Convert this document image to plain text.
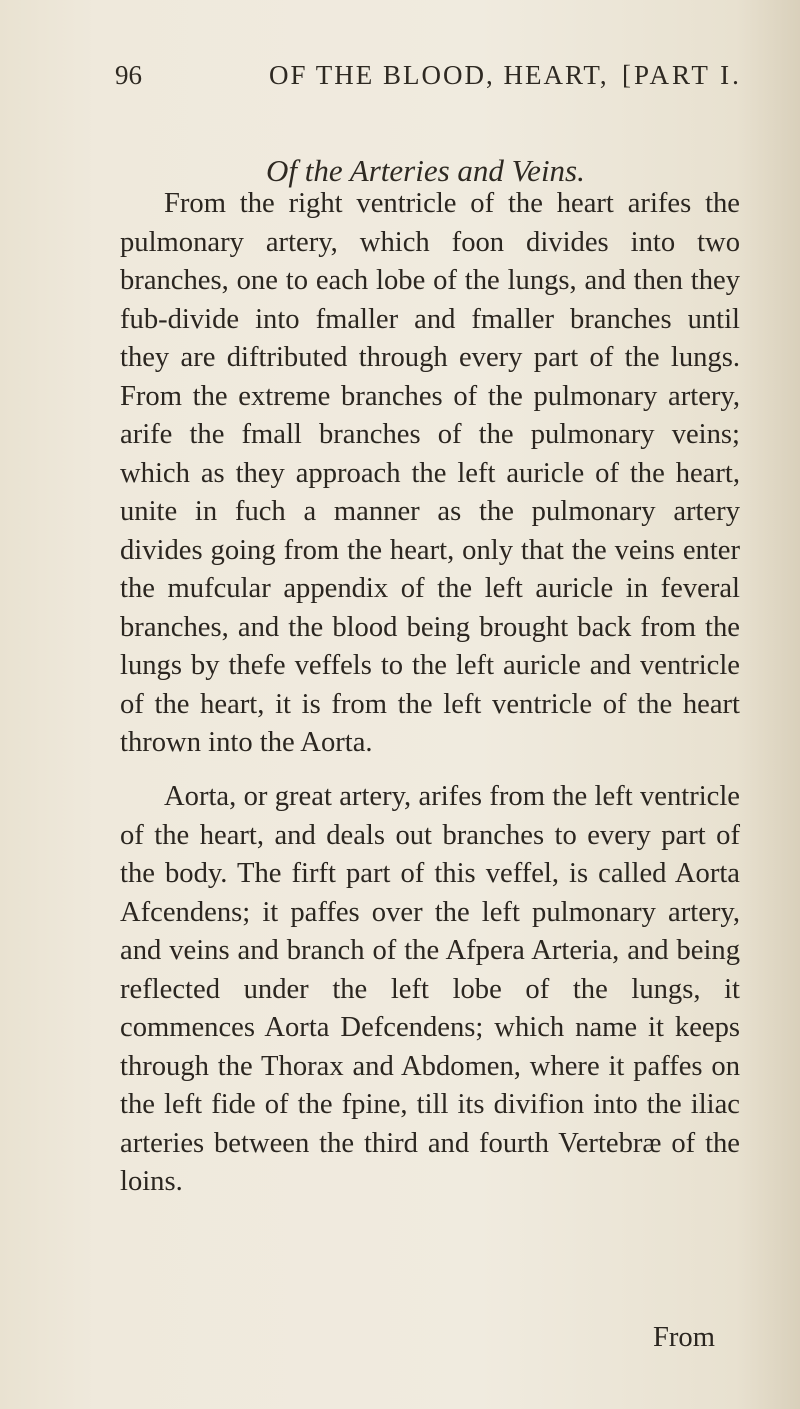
96	OF THE BLOOD, HEART, [PART I.
Of the Arteries and Veins.

From the right ventricle of the heart arifes the pulmonary artery, which foon divides into two branches, one to each lobe of the lungs, and then they fub-divide into fmaller and fmaller branches until they are diftributed through every part of the lungs. From the extreme branches of the pulmonary artery, arife the fmall branches of the pulmonary veins; which as they approach the left auricle of the heart, unite in fuch a manner as the pulmonary artery divides going from the heart, only that the veins enter the mufcular appendix of the left auricle in feveral branches, and the blood being brought back from the lungs by thefe veffels to the left auricle and ventricle of the heart, it is from the left ventricle of the heart thrown into the Aorta.

Aorta, or great artery, arifes from the left ventricle of the heart, and deals out branches to every part of the body. The firft part of this veffel, is called Aorta Afcendens; it paffes over the left pulmonary artery, and veins and branch of the Afpera Arteria, and being reflected under the left lobe of the lungs, it commences Aorta Defcendens; which name it keeps through the Thorax and Abdomen, where it paffes on the left fide of the fpine, till its divifion into the iliac arteries between the third and fourth Vertebræ of the loins.

From
